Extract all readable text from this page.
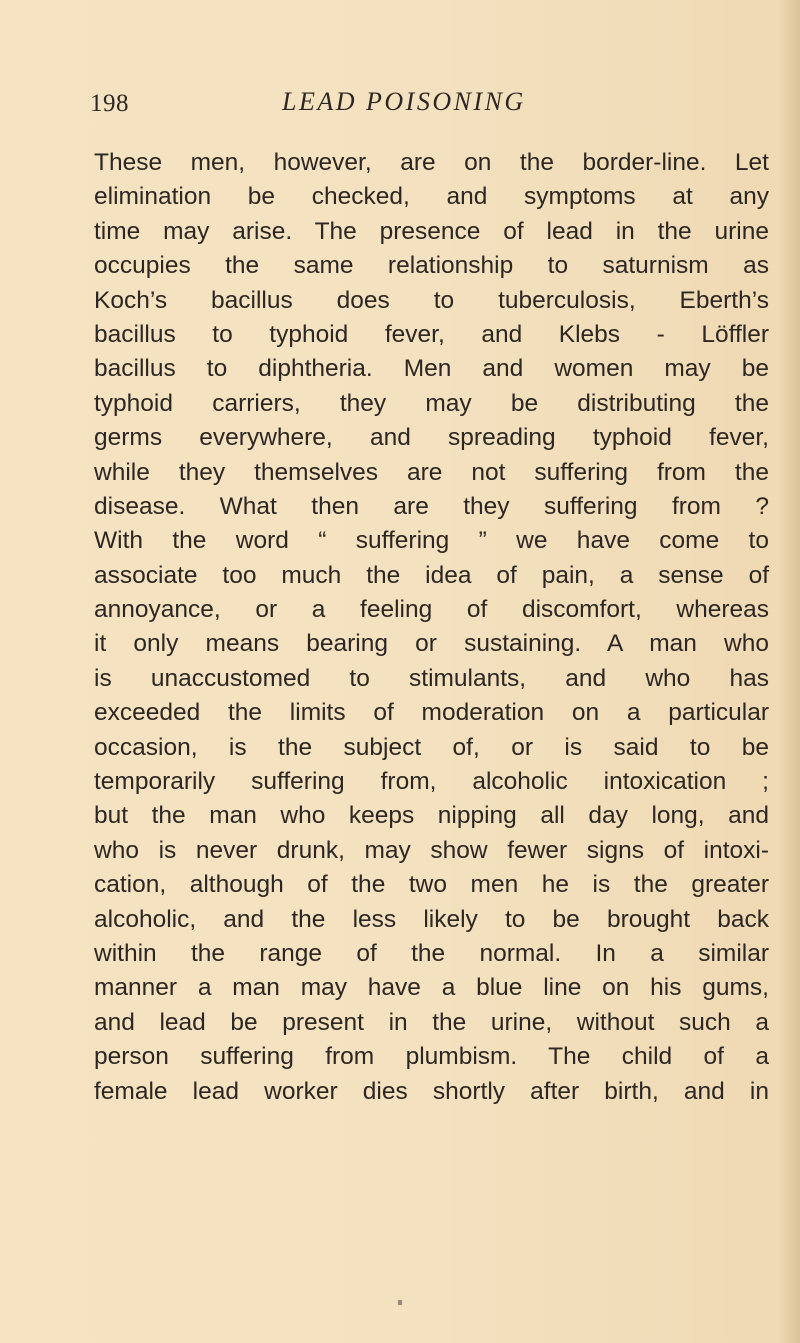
198	LEAD POISONING
These men, however, are on the border-line. Let
elimination be checked, and symptoms at any
time may arise. The presence of lead in the urine
occupies the same relationship to saturnism as
Koch’s bacillus does to tuberculosis, Eberth’s
bacillus to typhoid fever, and Klebs - Löffler
bacillus to diphtheria. Men and women may be
typhoid carriers, they may be distributing the
germs everywhere, and spreading typhoid fever,
while they themselves are not suffering from the
disease. What then are they suffering from ?
With the word “ suffering ” we have come to
associate too much the idea of pain, a sense of
annoyance, or a feeling of discomfort, whereas
it only means bearing or sustaining. A man who
is unaccustomed to stimulants, and who has
exceeded the limits of moderation on a particular
occasion, is the subject of, or is said to be
temporarily suffering from, alcoholic intoxication ;
but the man who keeps nipping all day long, and
who is never drunk, may show fewer signs of intoxi-
cation, although of the two men he is the greater
alcoholic, and the less likely to be brought back
within the range of the normal. In a similar
manner a man may have a blue line on his gums,
and lead be present in the urine, without such a
person suffering from plumbism. The child of a
female lead worker dies shortly after birth, and in
